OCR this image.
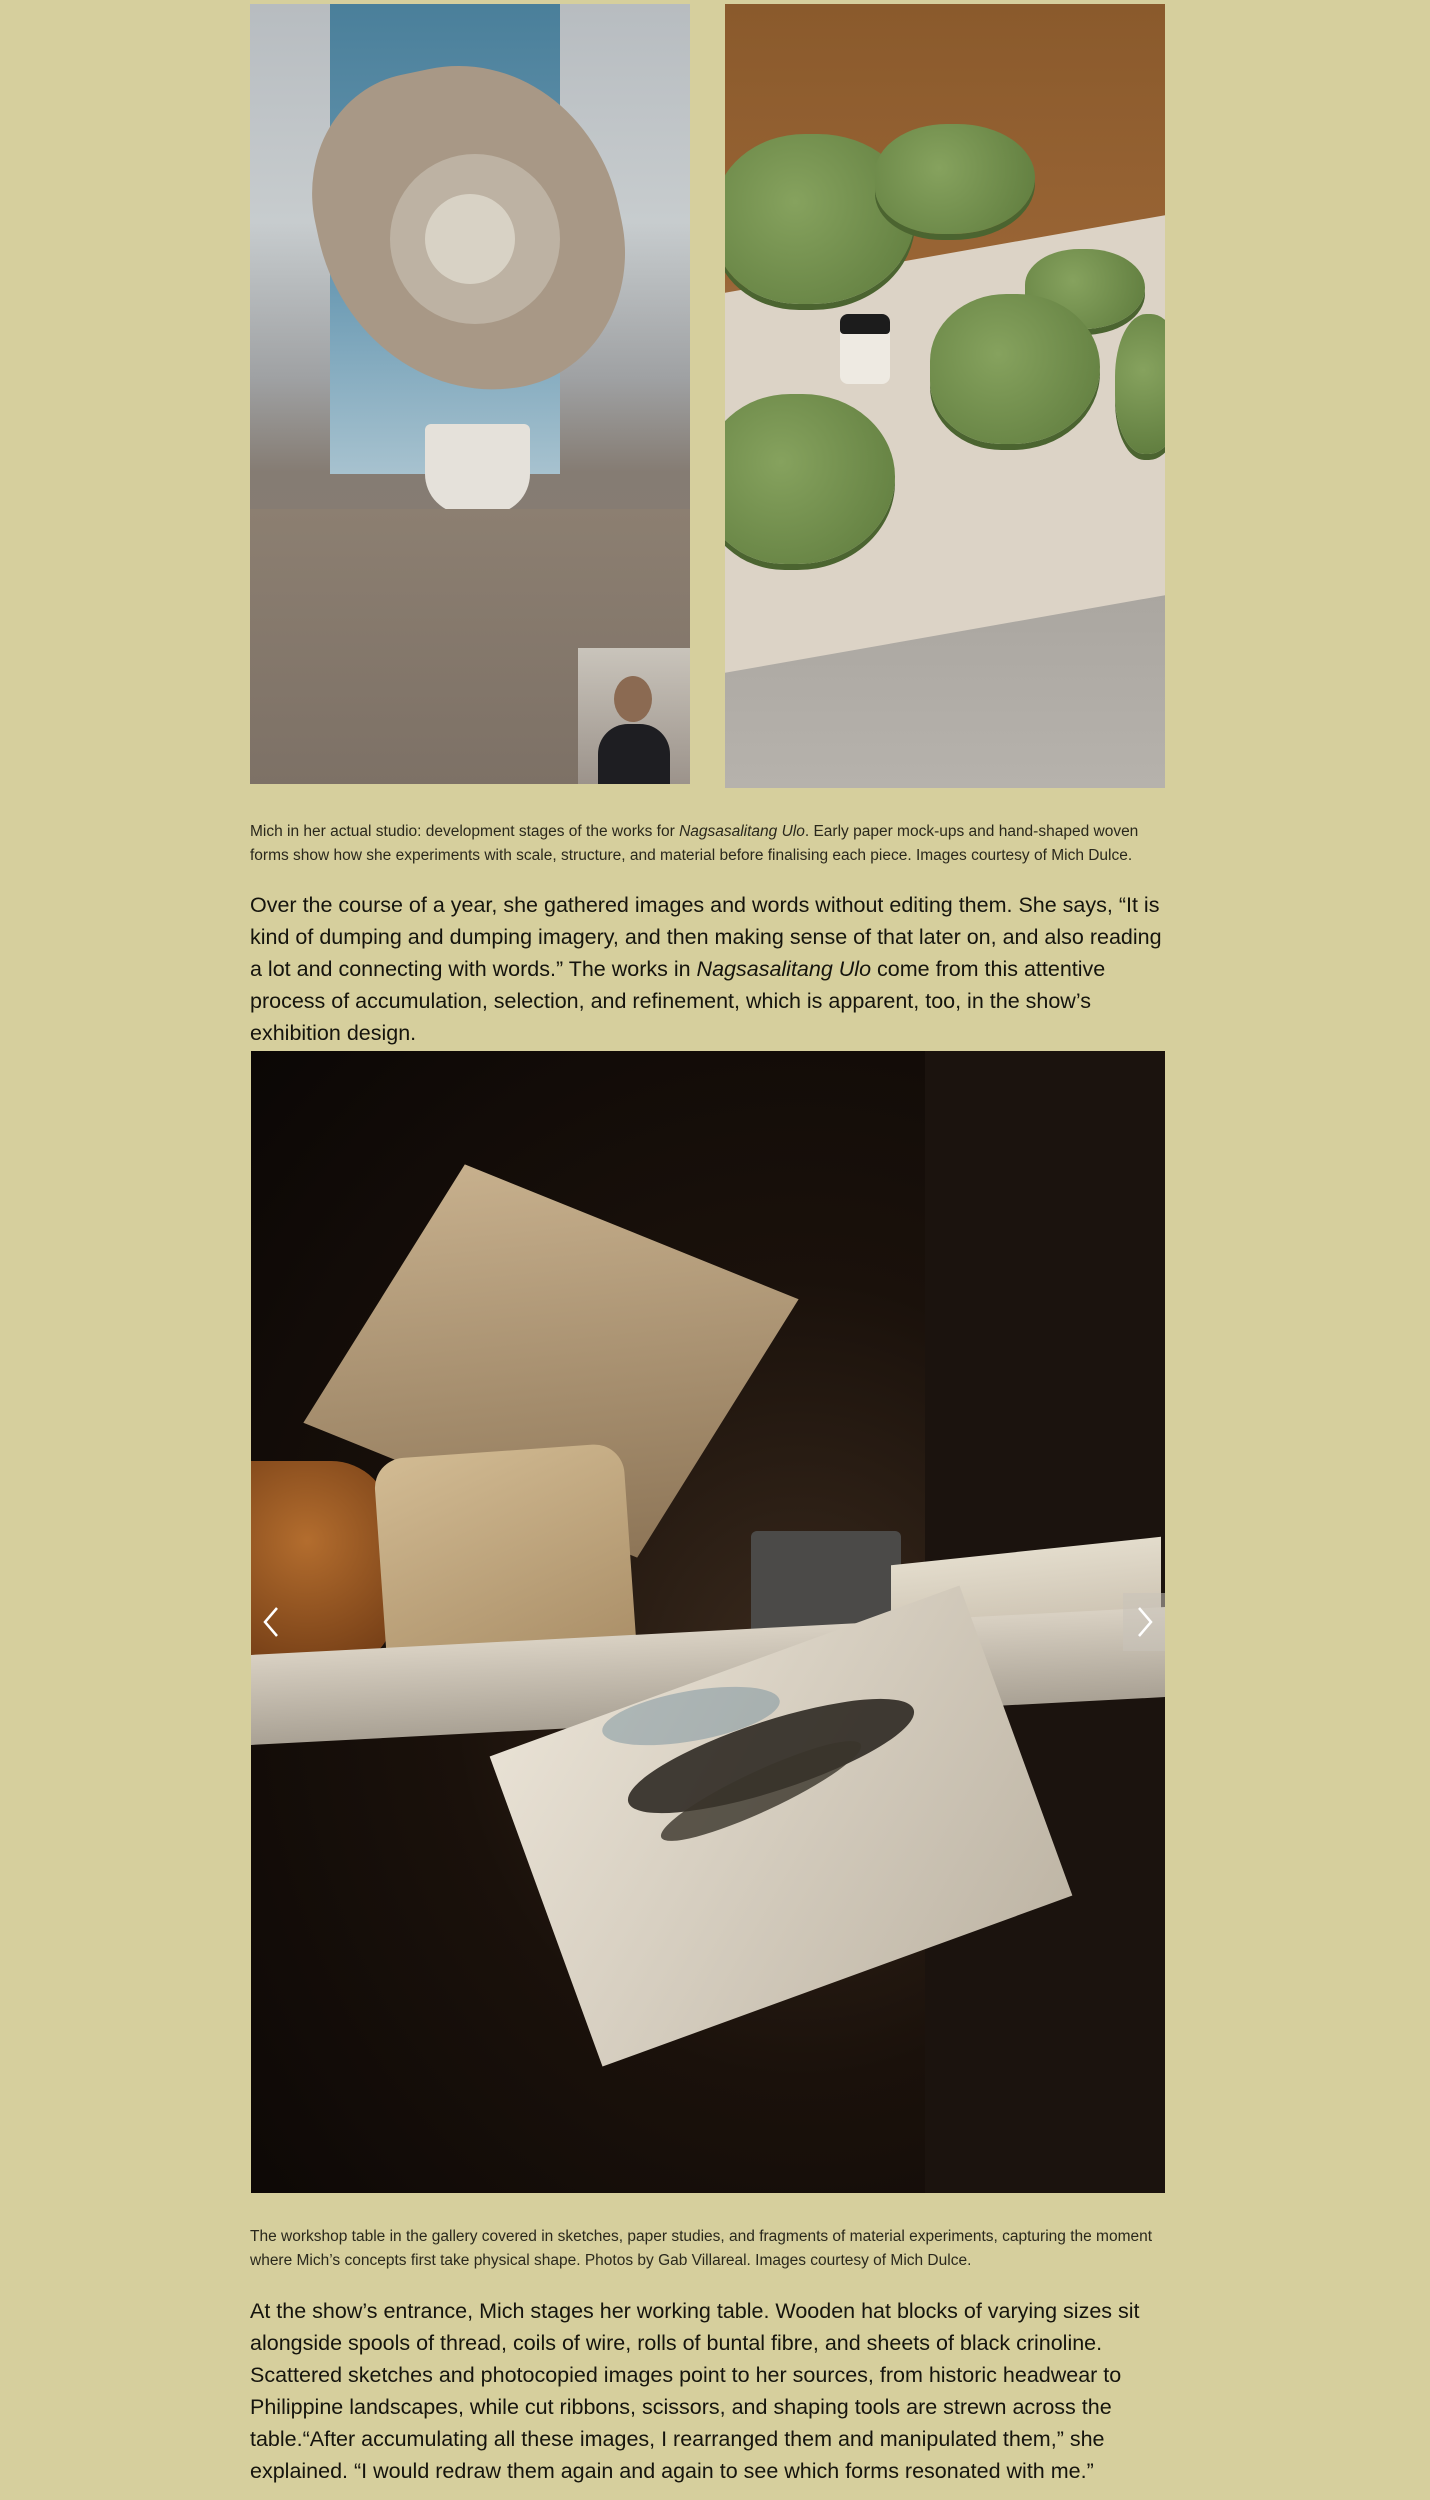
Mich in her actual studio: development stages of the works for Nagsasalitang Ulo. Early paper mock-ups and hand-shaped woven forms show how she experiments with scale, structure, and material before finalising each piece. Images courtesy of Mich Dulce.
Over the course of a year, she gathered images and words without editing them. She says, “It is kind of dumping and dumping imagery, and then making sense of that later on, and also reading a lot and connecting with words.” The works in Nagsasalitang Ulo come from this attentive process of accumulation, selection, and refinement, which is apparent, too, in the show’s exhibition design.
The workshop table in the gallery covered in sketches, paper studies, and fragments of material experiments, capturing the moment where Mich’s concepts first take physical shape. Photos by Gab Villareal. Images courtesy of Mich Dulce.
At the show’s entrance, Mich stages her working table. Wooden hat blocks of varying sizes sit alongside spools of thread, coils of wire, rolls of buntal fibre, and sheets of black crinoline. Scattered sketches and photocopied images point to her sources, from historic headwear to Philippine landscapes, while cut ribbons, scissors, and shaping tools are strewn across the table.“After accumulating all these images, I rearranged them and manipulated them,” she explained. “I would redraw them again and again to see which forms resonated with me.”
